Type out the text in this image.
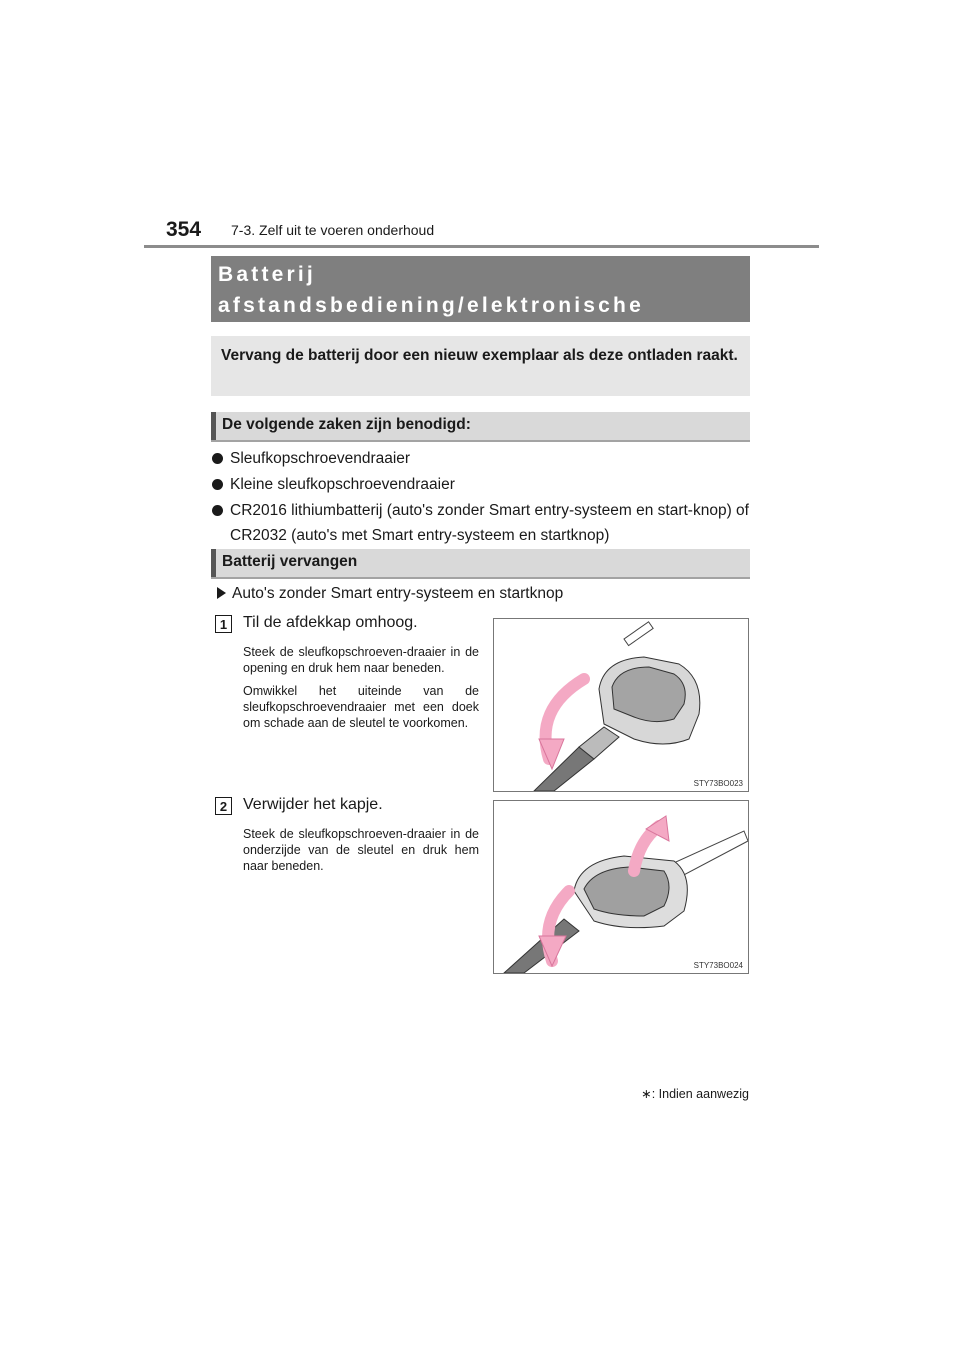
354 7-3. Zelf uit te voeren onderhoud
Batterij afstandsbediening/elektronische
Vervang de batterij door een nieuw exemplaar als deze ontladen raakt.
De volgende zaken zijn benodigd:
Sleufkopschroevendraaier
Kleine sleufkopschroevendraaier
CR2016 lithiumbatterij (auto's zonder Smart entry-systeem en start-knop) of CR2032 (auto's met Smart entry-systeem en startknop)
Batterij vervangen
Auto's zonder Smart entry-systeem en startknop
1 Til de afdekkap omhoog.

Steek de sleufkopschroeven-draaier in de opening en druk hem naar beneden.

Omwikkel het uiteinde van de sleufkopschroevendraaier met een doek om schade aan de sleutel te voorkomen.

STY73BO023
2 Verwijder het kapje.

Steek de sleufkopschroeven-draaier in de onderzijde van de sleutel en druk hem naar beneden.

STY73BO024
∗: Indien aanwezig
